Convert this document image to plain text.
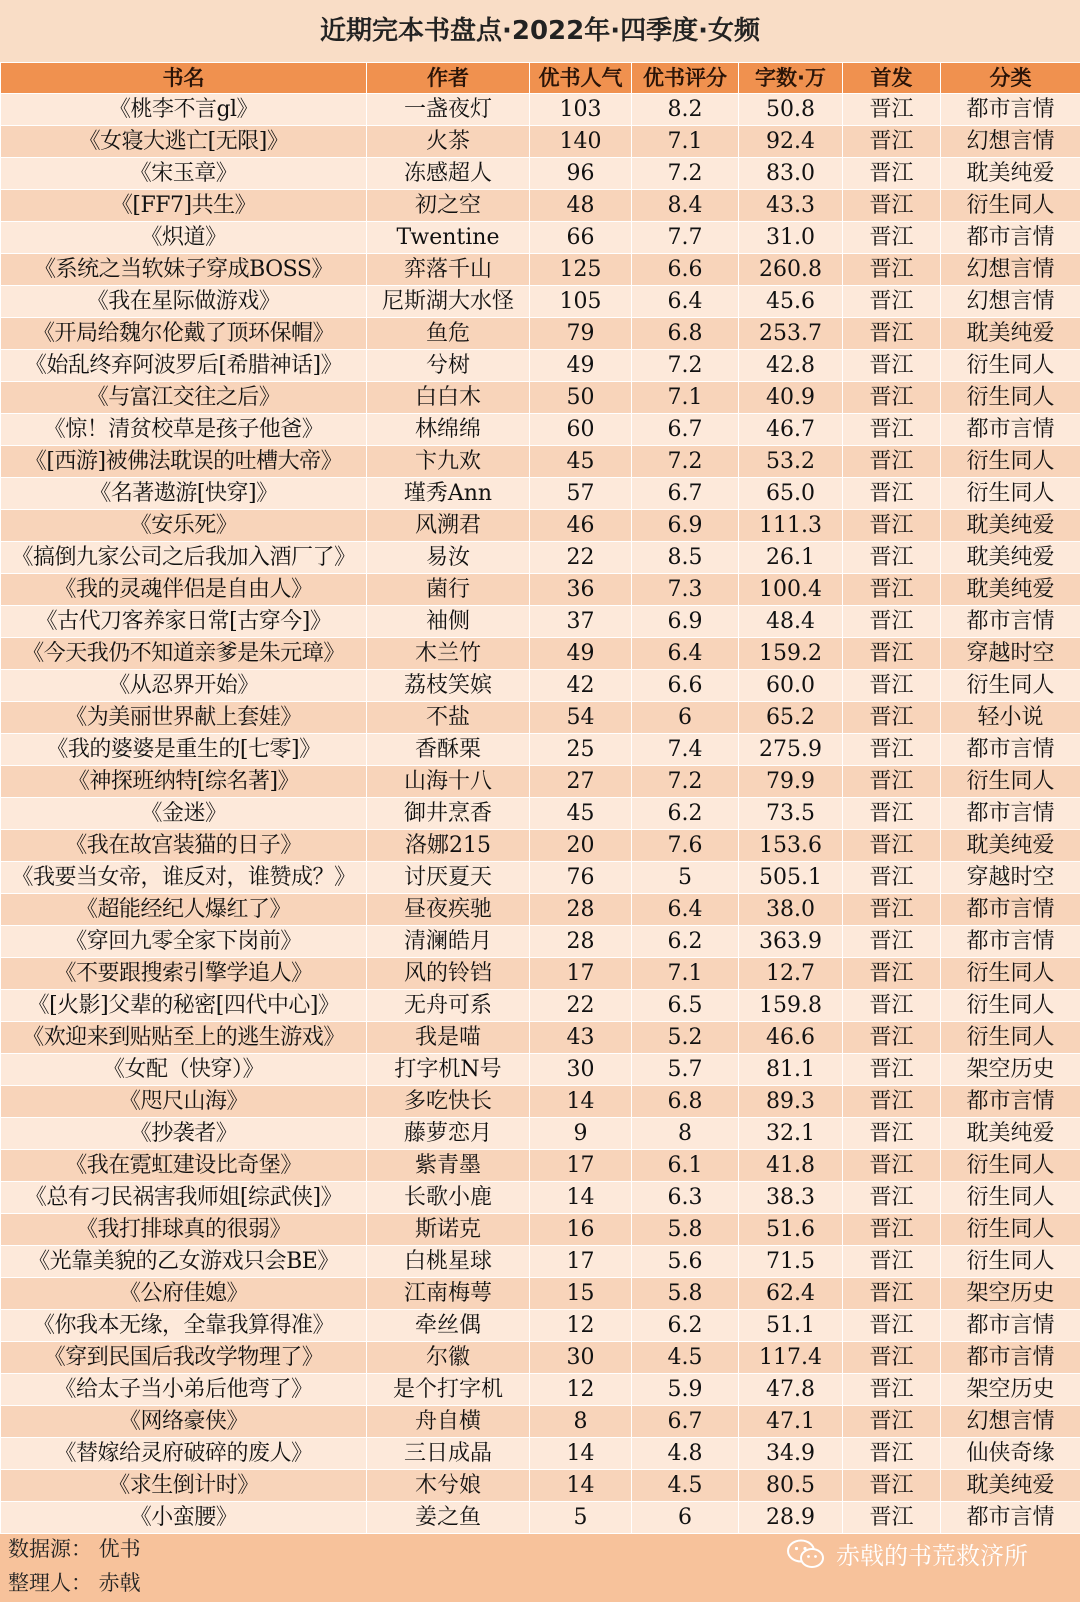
近期完本书盘点·2022年·四季度·女频
书名	作者	优书人气	优书评分	字数·万	首发	分类
《桃李不言gl》	一盏夜灯	103	8.2	50.8	晋江	都市言情
《女寝大逃亡[无限]》	火茶	140	7.1	92.4	晋江	幻想言情
《宋玉章》	冻感超人	96	7.2	83.0	晋江	耽美纯爱
《[FF7]共生》	初之空	48	8.4	43.3	晋江	衍生同人
《炽道》	Twentine	66	7.7	31.0	晋江	都市言情
《系统之当软妹子穿成BOSS》	弈落千山	125	6.6	260.8	晋江	幻想言情
《我在星际做游戏》	尼斯湖大水怪	105	6.4	45.6	晋江	幻想言情
《开局给魏尔伦戴了顶环保帽》	鱼危	79	6.8	253.7	晋江	耽美纯爱
《始乱终弃阿波罗后[希腊神话]》	兮树	49	7.2	42.8	晋江	衍生同人
《与富江交往之后》	白白木	50	7.1	40.9	晋江	衍生同人
《惊！清贫校草是孩子他爸》	林绵绵	60	6.7	46.7	晋江	都市言情
《[西游]被佛法耽误的吐槽大帝》	卞九欢	45	7.2	53.2	晋江	衍生同人
《名著遨游[快穿]》	瑾秀Ann	57	6.7	65.0	晋江	衍生同人
《安乐死》	风溯君	46	6.9	111.3	晋江	耽美纯爱
《搞倒九家公司之后我加入酒厂了》	易汝	22	8.5	26.1	晋江	耽美纯爱
《我的灵魂伴侣是自由人》	菌行	36	7.3	100.4	晋江	耽美纯爱
《古代刀客养家日常[古穿今]》	袖侧	37	6.9	48.4	晋江	都市言情
《今天我仍不知道亲爹是朱元璋》	木兰竹	49	6.4	159.2	晋江	穿越时空
《从忍界开始》	荔枝笑嫔	42	6.6	60.0	晋江	衍生同人
《为美丽世界献上套娃》	不盐	54	6	65.2	晋江	轻小说
《我的婆婆是重生的[七零]》	香酥栗	25	7.4	275.9	晋江	都市言情
《神探班纳特[综名著]》	山海十八	27	7.2	79.9	晋江	衍生同人
《金迷》	御井烹香	45	6.2	73.5	晋江	都市言情
《我在故宫装猫的日子》	洛娜215	20	7.6	153.6	晋江	耽美纯爱
《我要当女帝，谁反对，谁赞成？》	讨厌夏天	76	5	505.1	晋江	穿越时空
《超能经纪人爆红了》	昼夜疾驰	28	6.4	38.0	晋江	都市言情
《穿回九零全家下岗前》	清澜皓月	28	6.2	363.9	晋江	都市言情
《不要跟搜索引擎学追人》	风的铃铛	17	7.1	12.7	晋江	衍生同人
《[火影]父辈的秘密[四代中心]》	无舟可系	22	6.5	159.8	晋江	衍生同人
《欢迎来到贴贴至上的逃生游戏》	我是喵	43	5.2	46.6	晋江	衍生同人
《女配（快穿）》	打字机N号	30	5.7	81.1	晋江	架空历史
《咫尺山海》	多吃快长	14	6.8	89.3	晋江	都市言情
《抄袭者》	藤萝恋月	9	8	32.1	晋江	耽美纯爱
《我在霓虹建设比奇堡》	紫青墨	17	6.1	41.8	晋江	衍生同人
《总有刁民祸害我师姐[综武侠]》	长歌小鹿	14	6.3	38.3	晋江	衍生同人
《我打排球真的很弱》	斯诺克	16	5.8	51.6	晋江	衍生同人
《光靠美貌的乙女游戏只会BE》	白桃星球	17	5.6	71.5	晋江	衍生同人
《公府佳媳》	江南梅萼	15	5.8	62.4	晋江	架空历史
《你我本无缘，全靠我算得准》	牵丝偶	12	6.2	51.1	晋江	都市言情
《穿到民国后我改学物理了》	尔徽	30	4.5	117.4	晋江	都市言情
《给太子当小弟后他弯了》	是个打字机	12	5.9	47.8	晋江	架空历史
《网络豪侠》	舟自横	8	6.7	47.1	晋江	幻想言情
《替嫁给灵府破碎的废人》	三日成晶	14	4.8	34.9	晋江	仙侠奇缘
《求生倒计时》	木兮娘	14	4.5	80.5	晋江	耽美纯爱
《小蛮腰》	姜之鱼	5	6	28.9	晋江	都市言情
数据源： 优书
整理人： 赤戟
赤戟的书荒救济所
